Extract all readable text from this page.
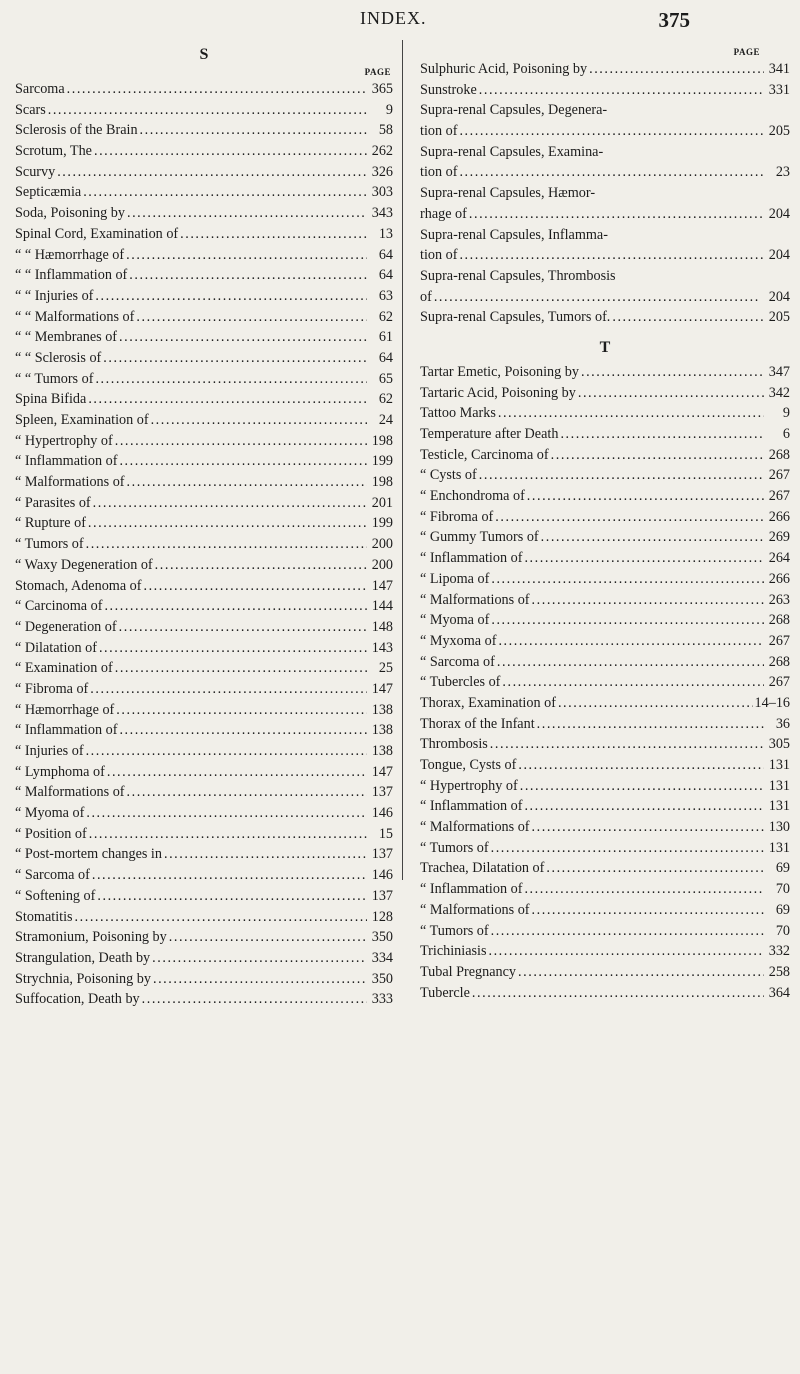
INDEX.	375
S
PAGE
Sarcoma . . .	365
Scars . . .	9
Sclerosis of the Brain . . .	58
Scrotum, The . . .	262
Scurvy . . .	326
Septicæmia . . .	303
Soda, Poisoning by . . .	343
Spinal Cord, Examination of . . .	13
“ “ Hæmorrhage of . . .	64
“ “ Inflammation of . . .	64
“ “ Injuries of . . .	63
“ “ Malformations of . . .	62
“ “ Membranes of . . .	61
“ “ Sclerosis of . . .	64
“ “ Tumors of . . .	65
Spina Bifida . . .	62
Spleen, Examination of . . .	24
“ Hypertrophy of . . .	198
“ Inflammation of . . .	199
“ Malformations of . . .	198
“ Parasites of . . .	201
“ Rupture of . . .	199
“ Tumors of . . .	200
“ Waxy Degeneration of . . .	200
Stomach, Adenoma of . . .	147
“ Carcinoma of . . .	144
“ Degeneration of . . .	148
“ Dilatation of . . .	143
“ Examination of . . .	25
“ Fibroma of . . .	147
“ Hæmorrhage of . . .	138
“ Inflammation of . . .	138
“ Injuries of . . .	138
“ Lymphoma of . . .	147
“ Malformations of . . .	137
“ Myoma of . . .	146
“ Position of . . .	15
“ Post-mortem changes in . . .	137
“ Sarcoma of . . .	146
“ Softening of . . .	137
Stomatitis . . .	128
Stramonium, Poisoning by . . .	350
Strangulation, Death by . . .	334
Strychnia, Poisoning by . . .	350
Suffocation, Death by . . .	333
PAGE
Sulphuric Acid, Poisoning by . . .	341
Sunstroke . . .	331
Supra-renal Capsules, Degenera-
tion of . . .	205
Supra-renal Capsules, Examina-
tion of . . .	23
Supra-renal Capsules, Hæmor-
rhage of . . .	204
Supra-renal Capsules, Inflamma-
tion of . . .	204
Supra-renal Capsules, Thrombosis
of . . .	204
Supra-renal Capsules, Tumors of. . . .	205
T
Tartar Emetic, Poisoning by . . .	347
Tartaric Acid, Poisoning by . . .	342
Tattoo Marks . . .	9
Temperature after Death . . .	6
Testicle, Carcinoma of . . .	268
“ Cysts of . . .	267
“ Enchondroma of . . .	267
“ Fibroma of . . .	266
“ Gummy Tumors of . . .	269
“ Inflammation of . . .	264
“ Lipoma of . . .	266
“ Malformations of . . .	263
“ Myoma of . . .	268
“ Myxoma of . . .	267
“ Sarcoma of . . .	268
“ Tubercles of . . .	267
Thorax, Examination of . . .	14–16
Thorax of the Infant . . .	36
Thrombosis . . .	305
Tongue, Cysts of . . .	131
“ Hypertrophy of . . .	131
“ Inflammation of . . .	131
“ Malformations of . . .	130
“ Tumors of . . .	131
Trachea, Dilatation of . . .	69
“ Inflammation of . . .	70
“ Malformations of . . .	69
“ Tumors of . . .	70
Trichiniasis . . .	332
Tubal Pregnancy . . .	258
Tubercle . . .	364
